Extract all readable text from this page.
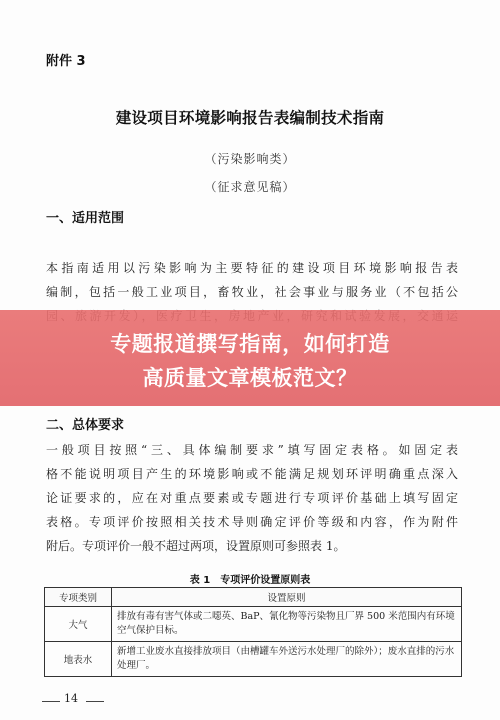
附件 3
建设项目环境影响报告表编制技术指南
（污染影响类）
（征求意见稿）
一、适用范围
本指南适用以污染影响为主要特征的建设项目环境影响报告表
编制，包括一般工业项目，畜牧业，社会事业与服务业（不包括公
专题报道撰写指南，如何打造
高质量文章模板范文？
二、总体要求
一般项目按照“三、具体编制要求”填写固定表格。如固定表
格不能说明项目产生的环境影响或不能满足规划环评明确重点深入
论证要求的，应在对重点要素或专题进行专项评价基础上填写固定
表格。专项评价按照相关技术导则确定评价等级和内容，作为附件
附后。专项评价一般不超过两项，设置原则可参照表 1。
表 1　专项评价设置原则表
专项类别	设置原则
大气	排放有毒有害气体或二噁英、BaP、氰化物等污染物且厂界 500 米范围内有环境空气保护目标。
地表水	新增工业废水直接排放项目（由槽罐车外送污水处理厂的除外）；废水直排的污水处理厂。
14
